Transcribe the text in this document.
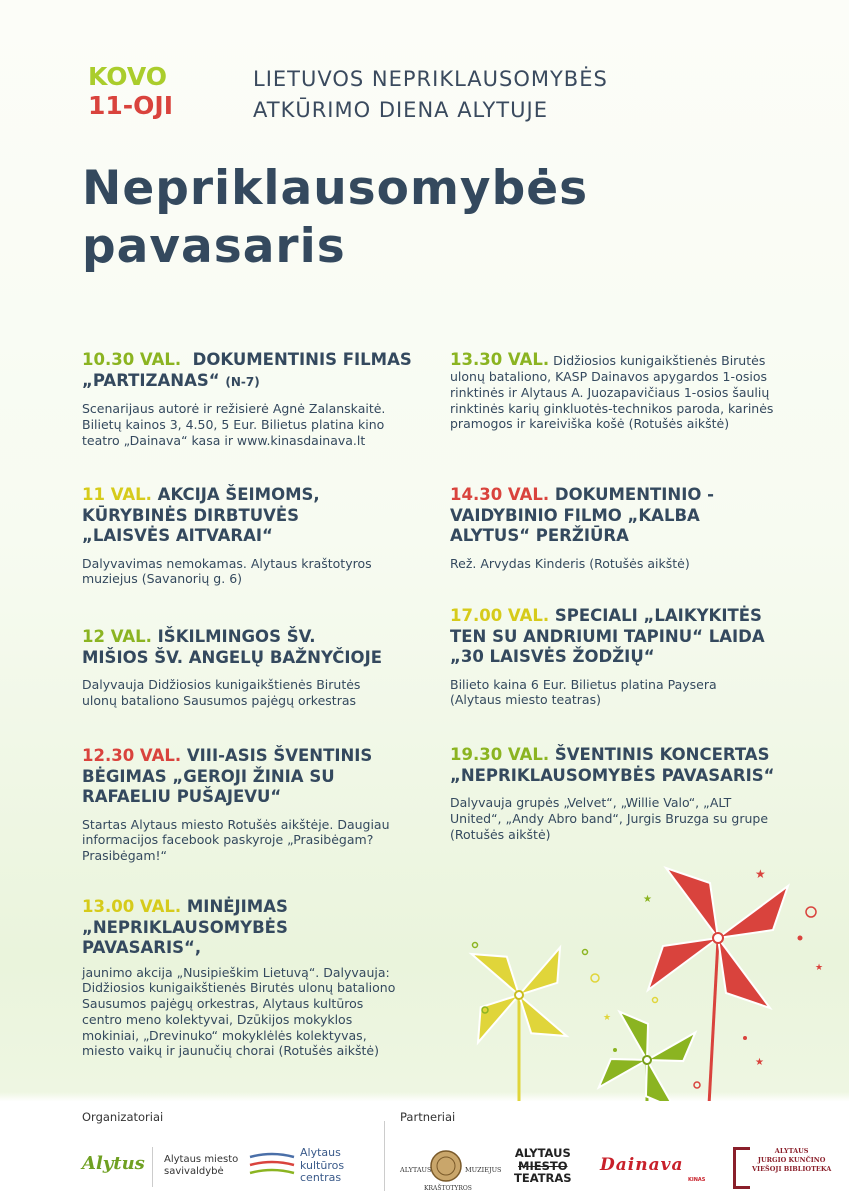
KOVO
11-OJI
LIETUVOS NEPRIKLAUSOMYBĖS
ATKŪRIMO DIENA ALYTUJE
Nepriklausomybės
pavasaris
10.30 VAL. DOKUMENTINIS FILMAS „PARTIZANAS“ (N-7)
Scenarijaus autorė ir režisierė Agnė Zalanskaitė. Bilietų kainos 3, 4.50, 5 Eur. Bilietus platina kino teatro „Dainava“ kasa ir www.kinasdainava.lt
11 VAL. AKCIJA ŠEIMOMS, KŪRYBINĖS DIRBTUVĖS „LAISVĖS AITVARAI“
Dalyvavimas nemokamas. Alytaus kraštotyros muziejus (Savanorių g. 6)
12 VAL. IŠKILMINGOS ŠV. MIŠIOS ŠV. ANGELŲ BAŽNYČIOJE
Dalyvauja Didžiosios kunigaikštienės Birutės ulonų bataliono Sausumos pajėgų orkestras
12.30 VAL. VIII-ASIS ŠVENTINIS BĖGIMAS „GEROJI ŽINIA SU RAFAELIU PUŠAJEVU“
Startas Alytaus miesto Rotušės aikštėje. Daugiau informacijos facebook paskyroje „Prasibėgam? Prasibėgam!“
13.00 VAL. MINĖJIMAS „NEPRIKLAUSOMYBĖS PAVASARIS“,
jaunimo akcija „Nusipieškim Lietuvą“. Dalyvauja: Didžiosios kunigaikštienės Birutės ulonų bataliono Sausumos pajėgų orkestras, Alytaus kultūros centro meno kolektyvai, Dzūkijos mokyklos mokiniai, „Drevinuko“ mokyklėlės kolektyvas, miesto vaikų ir jaunučių chorai (Rotušės aikštė)
13.30 VAL. Didžiosios kunigaikštienės Birutės ulonų bataliono, KASP Dainavos apygardos 1-osios rinktinės ir Alytaus A. Juozapavičiaus 1-osios šaulių rinktinės karių ginkluotės-technikos paroda, karinės pramogos ir kareiviška košė (Rotušės aikštė)
14.30 VAL. DOKUMENTINIO - VAIDYBINIO FILMO „KALBA ALYTUS“ PERŽIŪRA
Rež. Arvydas Kinderis (Rotušės aikštė)
17.00 VAL. SPECIALI „LAIKYKITĖS TEN SU ANDRIUMI TAPINU“ LAIDA „30 LAISVĖS ŽODŽIŲ“
Bilieto kaina 6 Eur. Bilietus platina Paysera (Alytaus miesto teatras)
19.30 VAL. ŠVENTINIS KONCERTAS „NEPRIKLAUSOMYBĖS PAVASARIS“
Dalyvauja grupės „Velvet“, „Willie Valo“, „ALT United“, „Andy Abro band“, Jurgis Bruzga su grupe (Rotušės aikštė)
★
★
★
★
★
Organizatoriai	Partneriai
Alytus Alytaus miesto
savivaldybė
Alytaus
kultūros
centras
ALYTAUS	MUZIEJUS
KRAŠTOTYROS
ALYTAUS
MIESTO
TEATRAS
Dainava
KINAS
ALYTAUS
JURGIO KUNČINO
VIEŠOJI BIBLIOTEKA
